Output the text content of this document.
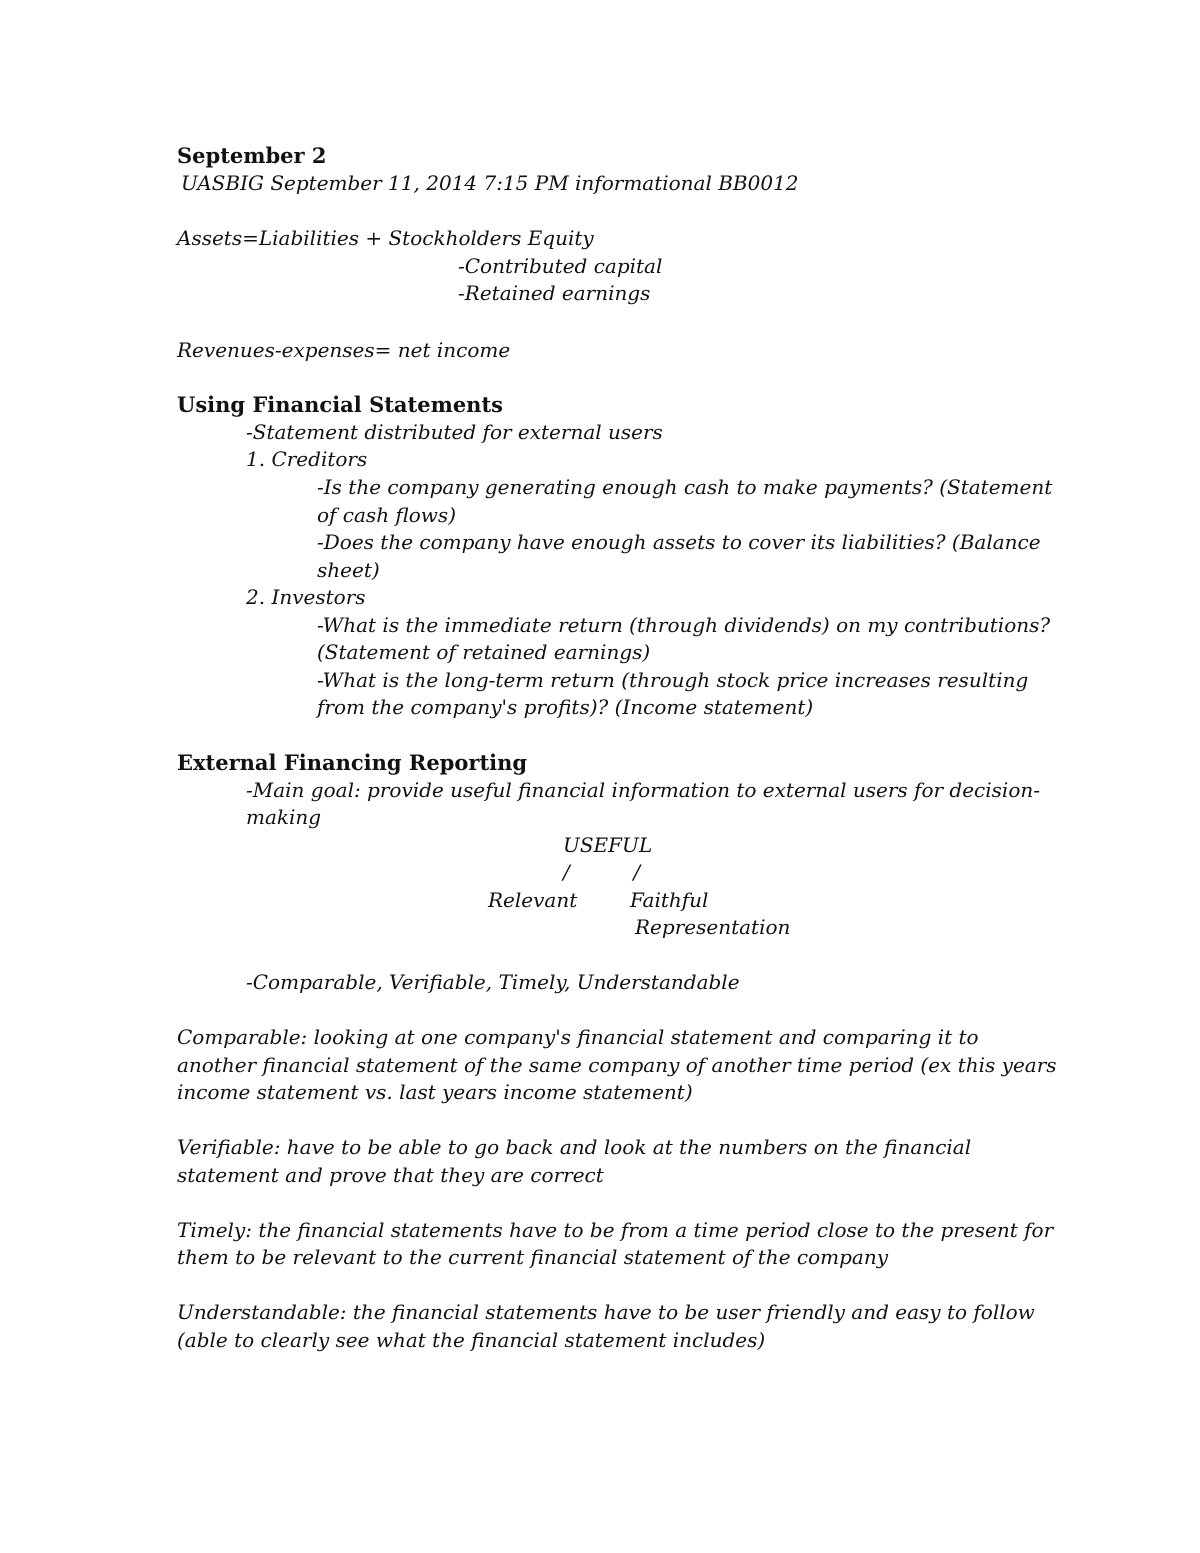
September 2
UASBIG September 11, 2014 7:15 PM informational BB0012
Assets=Liabilities + Stockholders Equity
-Contributed capital
-Retained earnings
Revenues-expenses= net income
Using Financial Statements
-Statement distributed for external users
1. Creditors
-Is the company generating enough cash to make payments? (Statement
of cash flows)
-Does the company have enough assets to cover its liabilities? (Balance
sheet)
2. Investors
-What is the immediate return (through dividends) on my contributions?
(Statement of retained earnings)
-What is the long-term return (through stock price increases resulting
from the company's profits)? (Income statement)
External Financing Reporting
-Main goal: provide useful financial information to external users for decision-
making
USEFUL
/          /
Relevant	Faithful
Representation
-Comparable, Verifiable, Timely, Understandable
Comparable: looking at one company's financial statement and comparing it to
another financial statement of the same company of another time period (ex this years
income statement vs. last years income statement)
Verifiable: have to be able to go back and look at the numbers on the financial
statement and prove that they are correct
Timely: the financial statements have to be from a time period close to the present for
them to be relevant to the current financial statement of the company
Understandable: the financial statements have to be user friendly and easy to follow
(able to clearly see what the financial statement includes)
